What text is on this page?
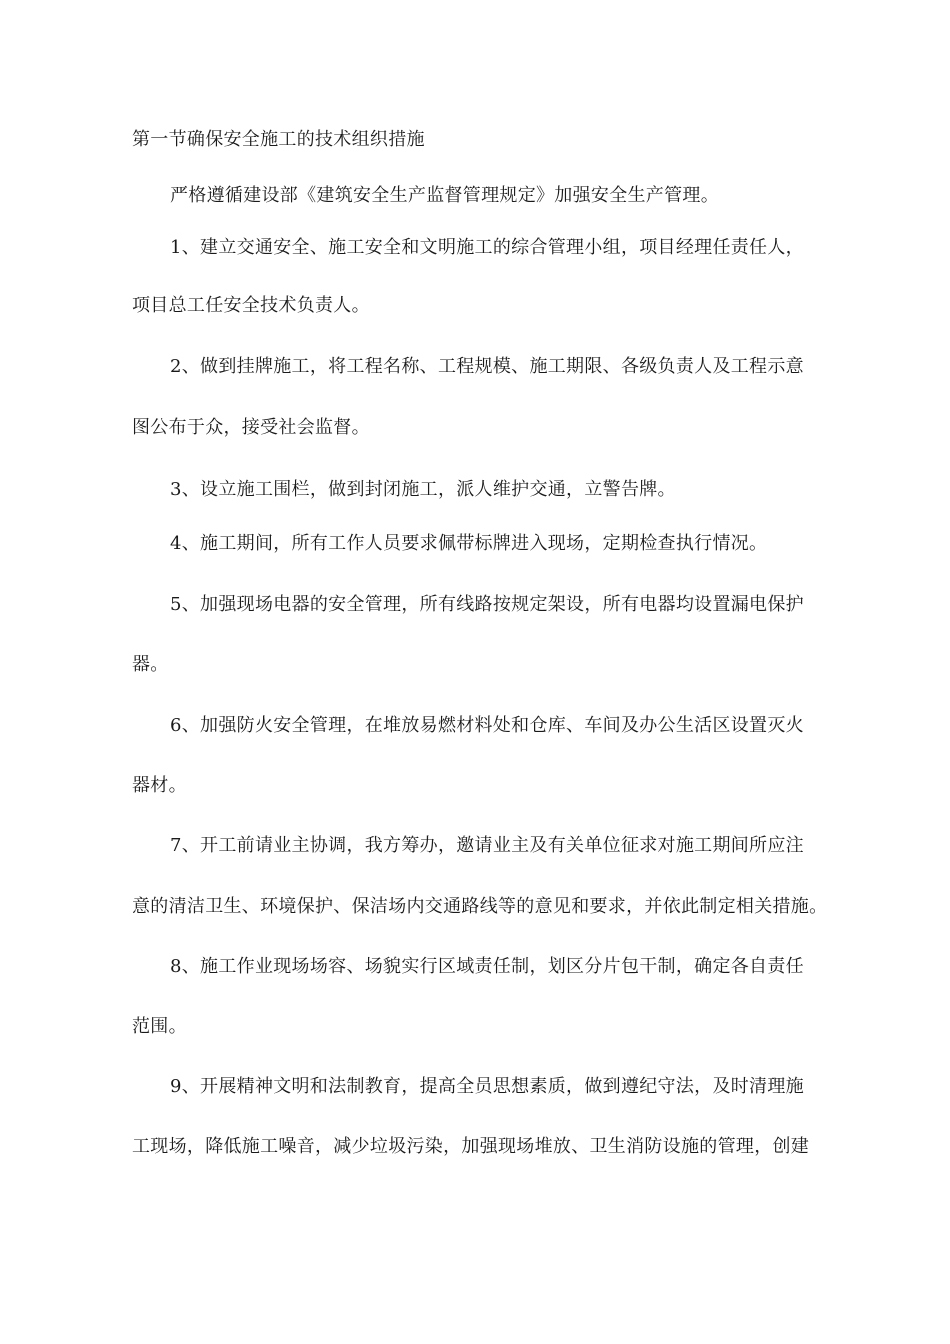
第一节确保安全施工的技术组织措施
严格遵循建设部《建筑安全生产监督管理规定》加强安全生产管理。
1、建立交通安全、施工安全和文明施工的综合管理小组，项目经理任责任人，
项目总工任安全技术负责人。
2、做到挂牌施工，将工程名称、工程规模、施工期限、各级负责人及工程示意
图公布于众，接受社会监督。
3、设立施工围栏，做到封闭施工，派人维护交通，立警告牌。
4、施工期间，所有工作人员要求佩带标牌进入现场，定期检查执行情况。
5、加强现场电器的安全管理，所有线路按规定架设，所有电器均设置漏电保护
器。
6、加强防火安全管理，在堆放易燃材料处和仓库、车间及办公生活区设置灭火
器材。
7、开工前请业主协调，我方筹办，邀请业主及有关单位征求对施工期间所应注
意的清洁卫生、环境保护、保洁场内交通路线等的意见和要求，并依此制定相关措施。
8、施工作业现场场容、场貌实行区域责任制，划区分片包干制，确定各自责任
范围。
9、开展精神文明和法制教育，提高全员思想素质，做到遵纪守法，及时清理施
工现场，降低施工噪音，减少垃圾污染，加强现场堆放、卫生消防设施的管理，创建
